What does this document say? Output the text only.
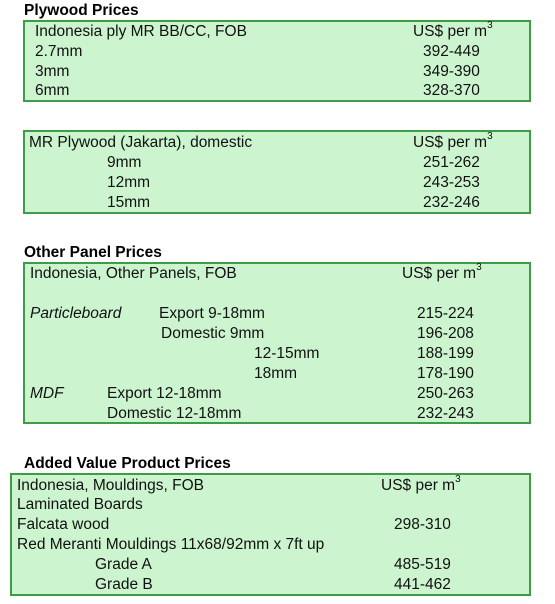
Plywood Prices
Indonesia ply MR BB/CC, FOB	US$ per $m^3$
2.7mm	392-449
3mm	349-390
6mm	328-370
MR Plywood (Jakarta), domestic	US$ per $m^3$
9mm	251-262
12mm	243-253
15mm	232-246
Other Panel Prices
Indonesia, Other Panels, FOB	US$ per $m^3$
Particleboard Export 9-18mm	215-224
Domestic 9mm	196-208
12-15mm	188-199
18mm	178-190
MDF	Export 12-18mm	250-263
Domestic 12-18mm	232-243
Added Value Product Prices
Indonesia, Mouldings, FOB	US$ per $m^3$
Laminated Boards
Falcata wood	298-310
Red Meranti Mouldings 11x68/92mm x 7ft up
Grade A	485-519
Grade B	441-462
